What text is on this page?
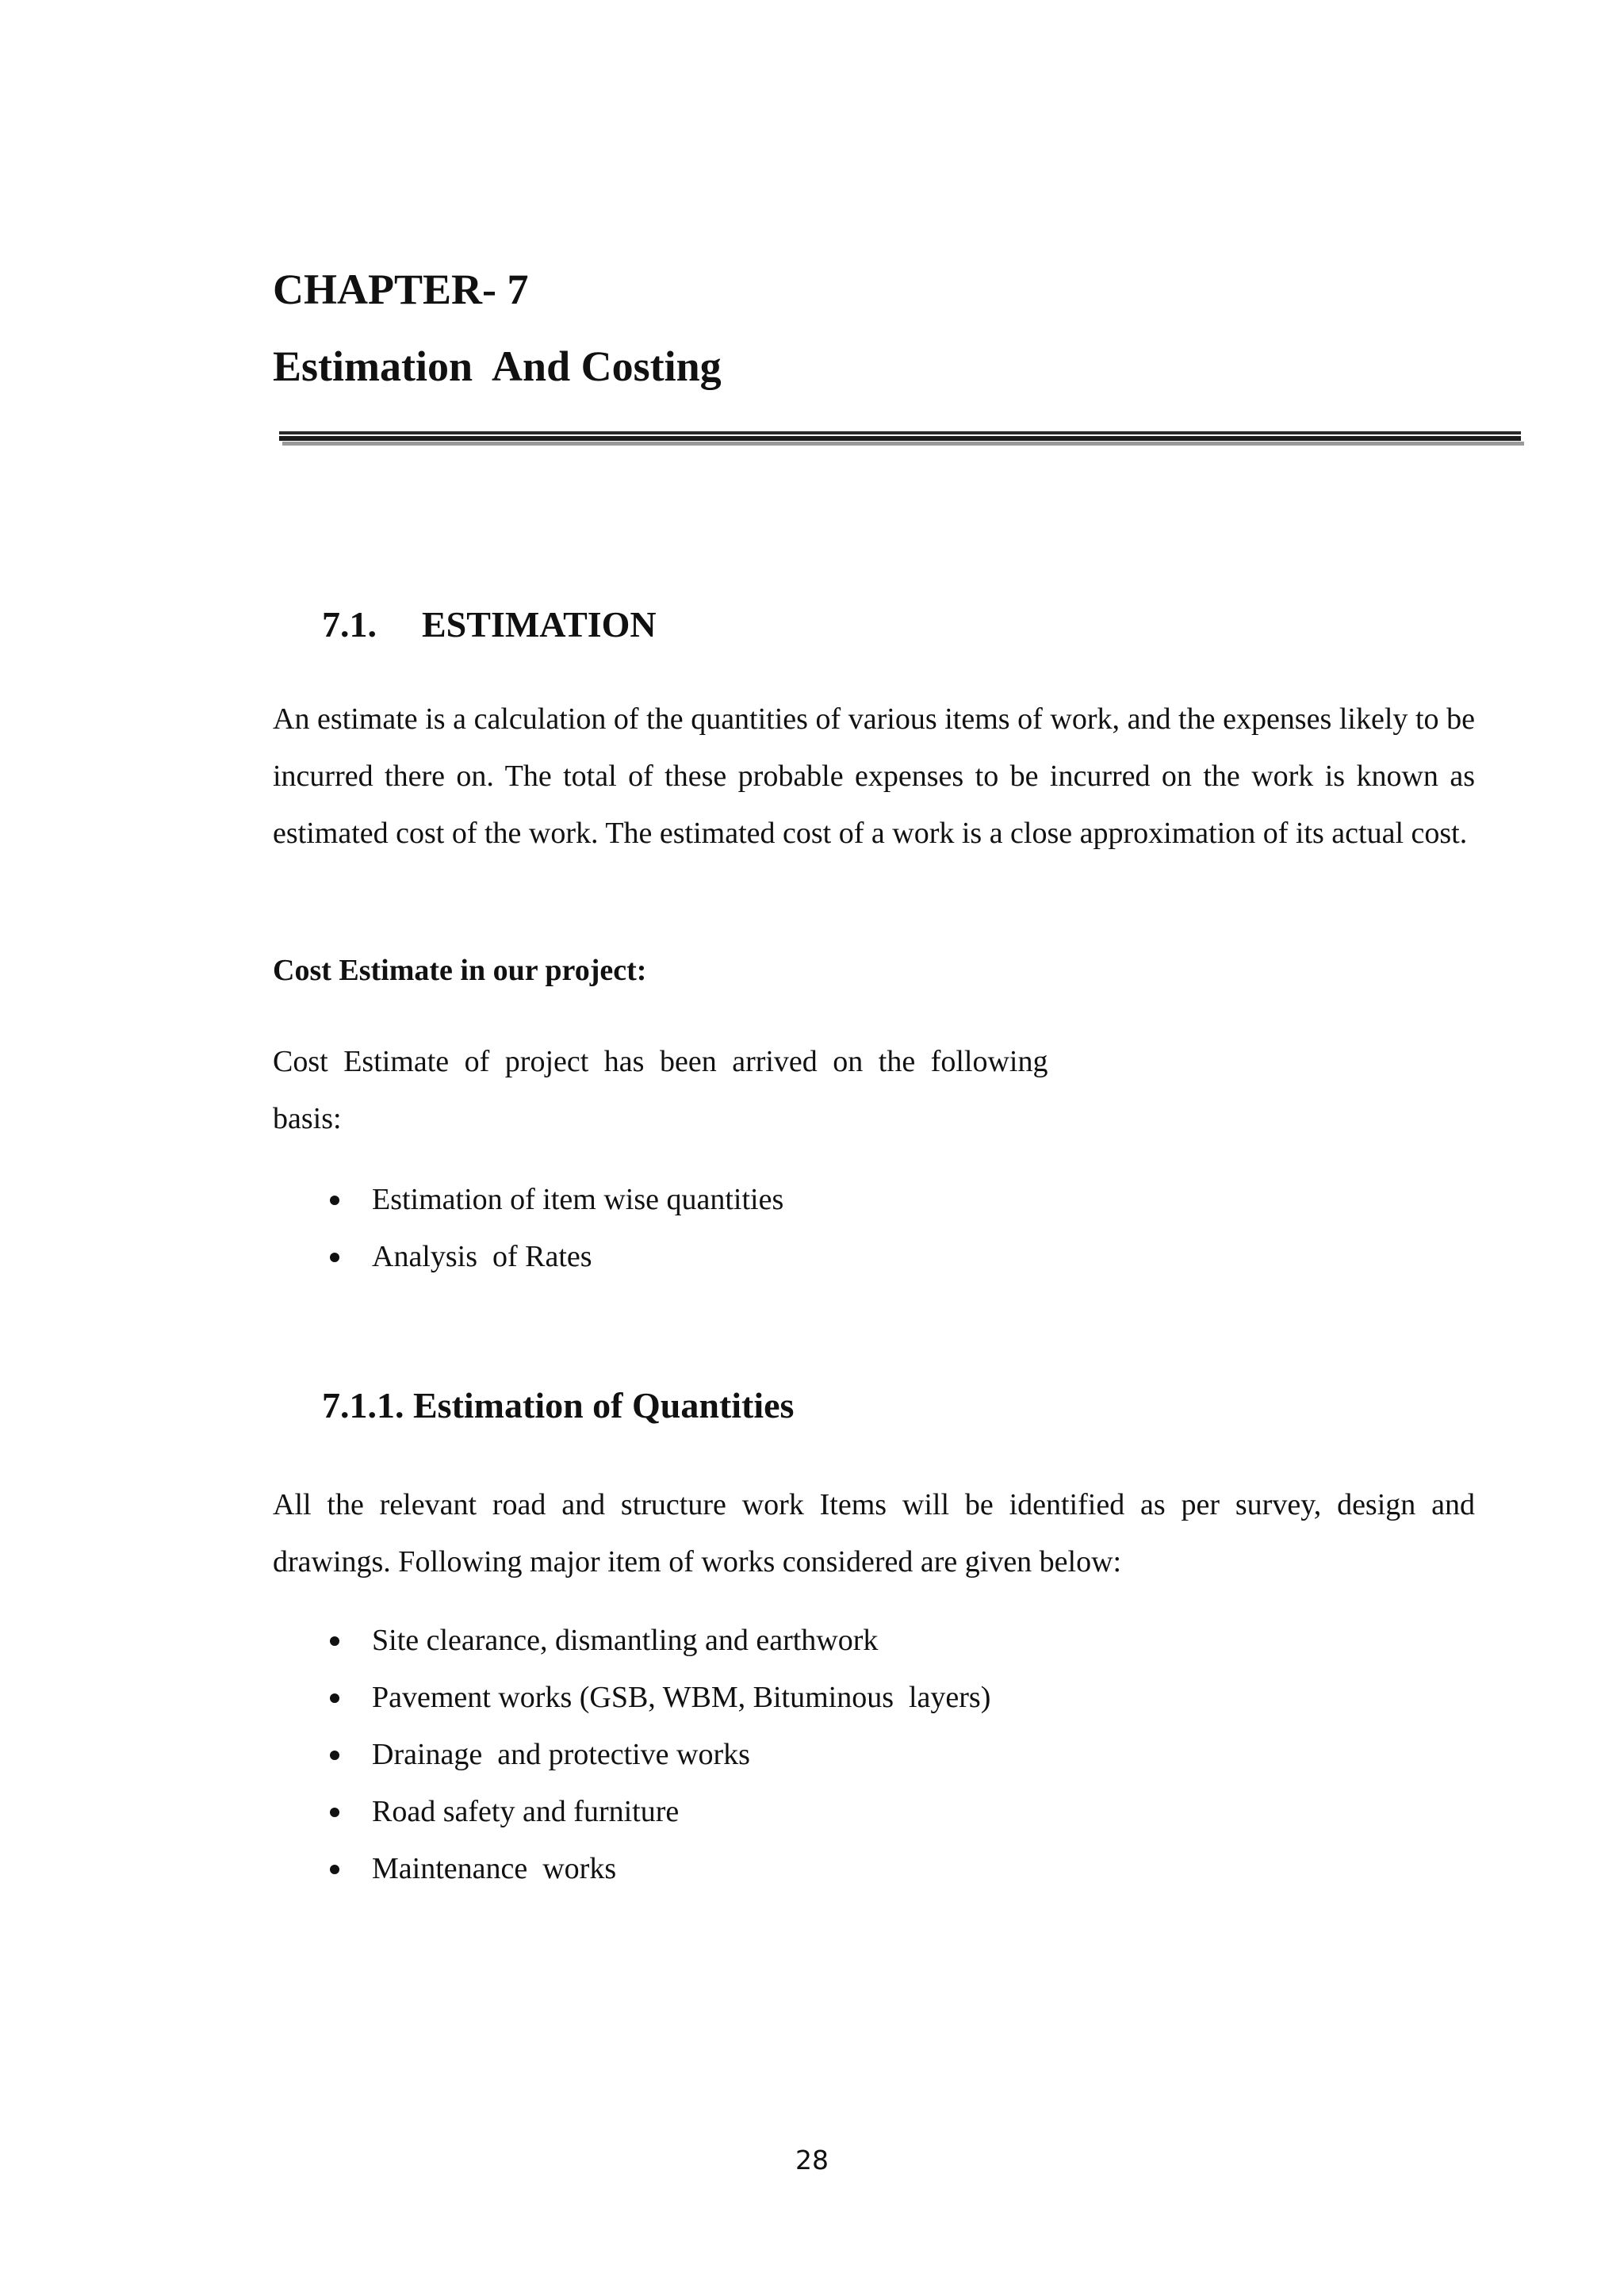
CHAPTER- 7
Estimation  And Costing
7.1. ESTIMATION
An estimate is a calculation of the quantities of various items of work, and the expenses likely to be incurred there on. The total of these probable expenses to be incurred on the work is known as estimated cost of the work. The estimated cost of a work is a close approximation of its actual cost.
Cost Estimate in our project:
Cost Estimate of project has been arrived on the following basis:
Estimation of item wise quantities
Analysis  of Rates
7.1.1. Estimation of Quantities
All the relevant road and structure work Items will be identified as per survey, design and drawings. Following major item of works considered are given below:
Site clearance, dismantling and earthwork
Pavement works (GSB, WBM, Bituminous  layers)
Drainage  and protective works
Road safety and furniture
Maintenance  works
28
